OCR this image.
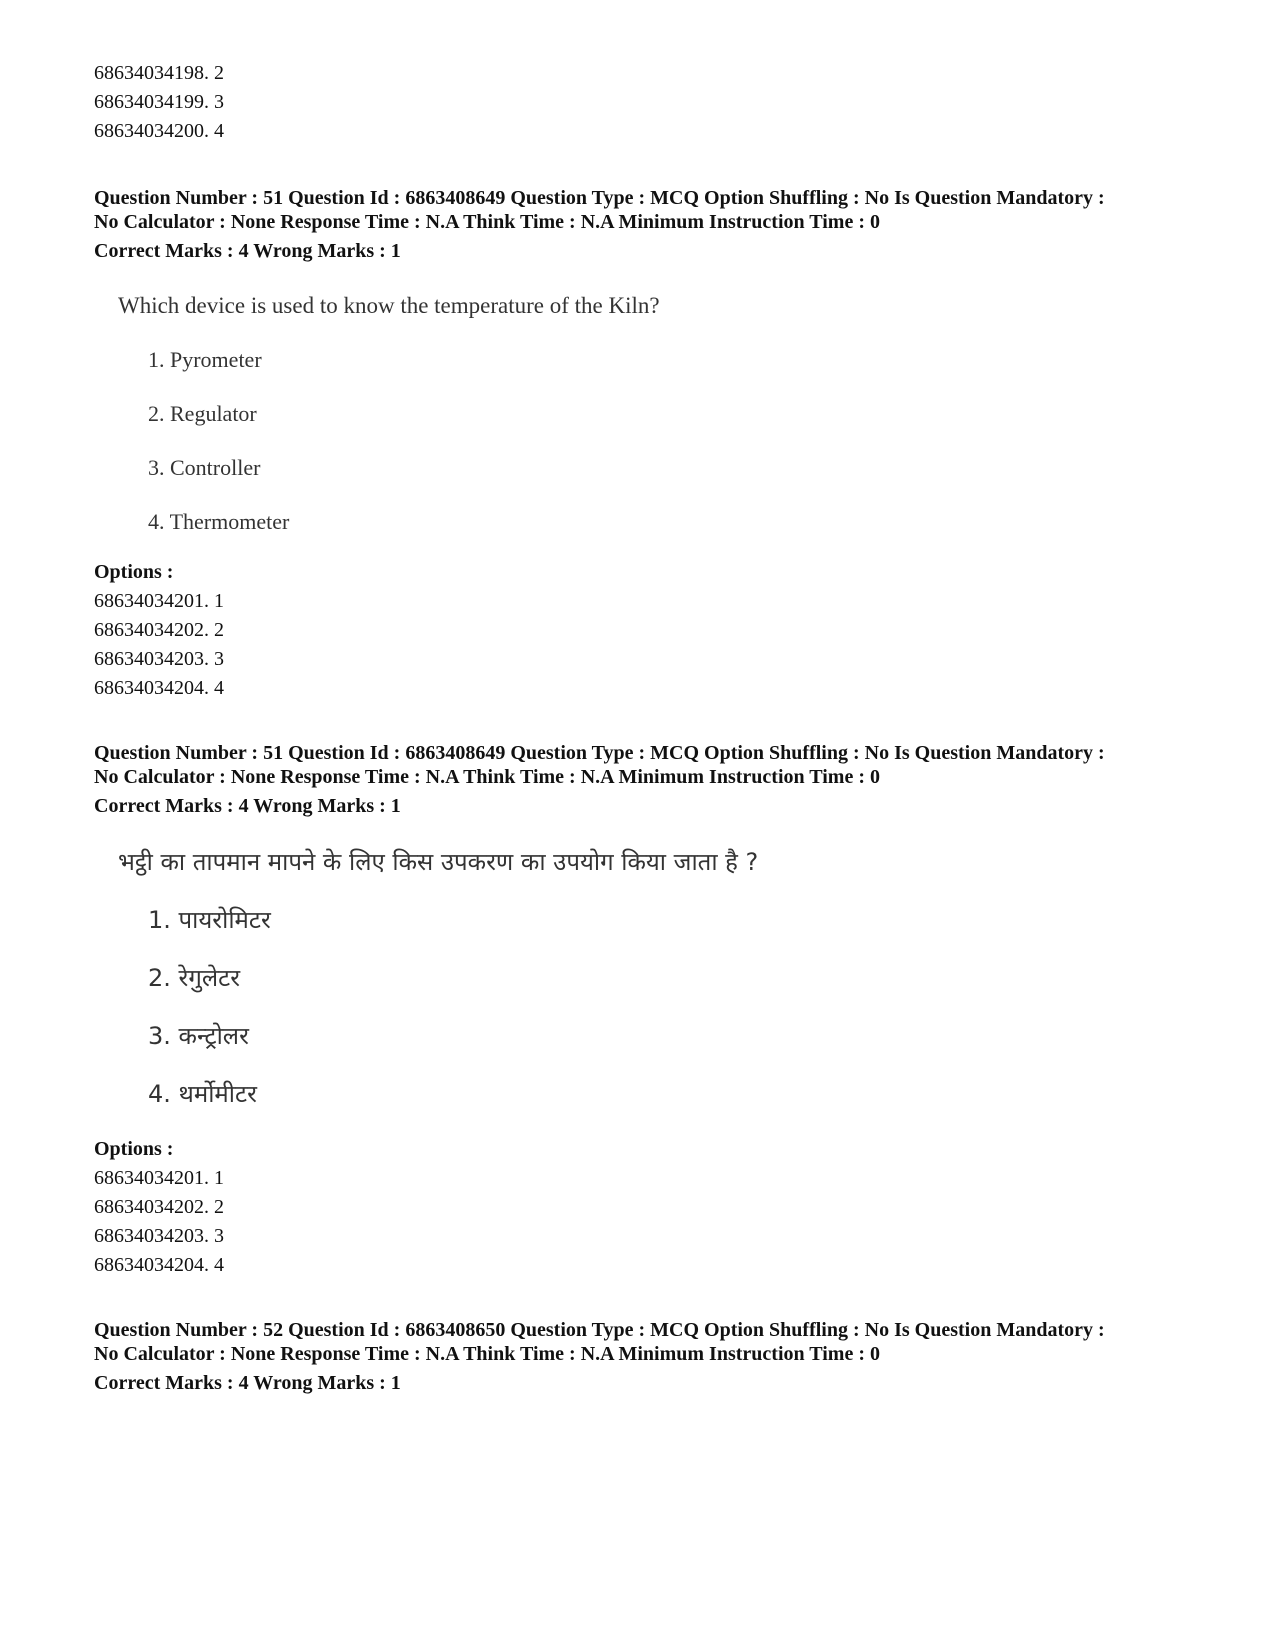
68634034198. 2
68634034199. 3
68634034200. 4
Question Number : 51 Question Id : 6863408649 Question Type : MCQ Option Shuffling : No Is Question Mandatory :
No Calculator : None Response Time : N.A Think Time : N.A Minimum Instruction Time : 0
Correct Marks : 4 Wrong Marks : 1
Which device is used to know the temperature of the Kiln?
1. Pyrometer
2. Regulator
3. Controller
4. Thermometer
Options :
68634034201. 1
68634034202. 2
68634034203. 3
68634034204. 4
Question Number : 51 Question Id : 6863408649 Question Type : MCQ Option Shuffling : No Is Question Mandatory :
No Calculator : None Response Time : N.A Think Time : N.A Minimum Instruction Time : 0
Correct Marks : 4 Wrong Marks : 1
भट्ठी का तापमान मापने के लिए किस उपकरण का उपयोग किया जाता है ?
1. पायरोमिटर
2. रेगुलेटर
3. कन्ट्रोलर
4. थर्मोमीटर
Options :
68634034201. 1
68634034202. 2
68634034203. 3
68634034204. 4
Question Number : 52 Question Id : 6863408650 Question Type : MCQ Option Shuffling : No Is Question Mandatory :
No Calculator : None Response Time : N.A Think Time : N.A Minimum Instruction Time : 0
Correct Marks : 4 Wrong Marks : 1
